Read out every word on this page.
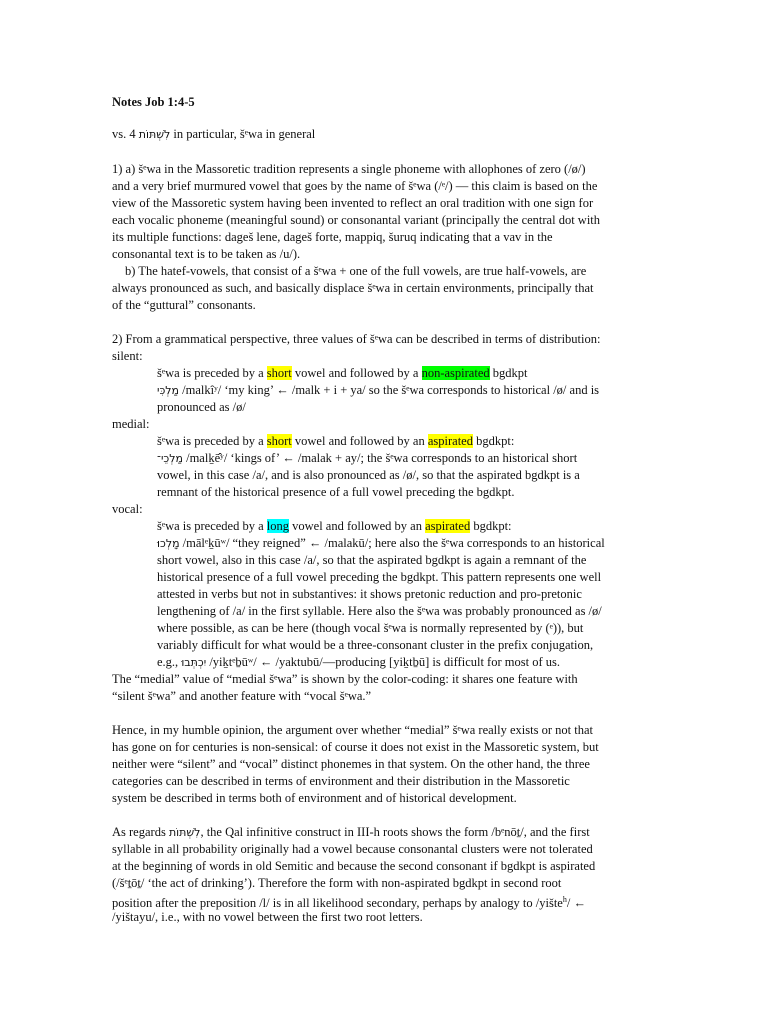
Notes Job 1:4-5
vs. 4 לִשְׁתּוֹת in particular, šᵉwa in general
1) a) šᵉwa in the Massoretic tradition represents a single phoneme with allophones of zero (/ø/)
and a very brief murmured vowel that goes by the name of šᵉwa (/ᵉ/) — this claim is based on the
view of the Massoretic system having been invented to reflect an oral tradition with one sign for
each vocalic phoneme (meaningful sound) or consonantal variant (principally the central dot with
its multiple functions: dageš lene, dageš forte, mappiq, šuruq indicating that a vav in the
consonantal text is to be taken as /u/).
b) The hatef-vowels, that consist of a šᵉwa + one of the full vowels, are true half-vowels, are
always pronounced as such, and basically displace šᵉwa in certain environments, principally that
of the “guttural” consonants.
2) From a grammatical perspective, three values of šᵉwa can be described in terms of distribution:
silent:
šᵉwa is preceded by a short vowel and followed by a non-aspirated bgdkpt
מַלְכִּי /malkîʸ/ ‘my king’ ← /malk + i + ya/ so the šᵉwa corresponds to historical /ø/ and is
pronounced as /ø/
medial:
šᵉwa is preceded by a short vowel and followed by an aspirated bgdkpt:
מַלְכֵי־ /malḵē̂ʸ/ ‘kings of’ ← /malak + ay/; the šᵉwa corresponds to an historical short
vowel, in this case /a/, and is also pronounced as /ø/, so that the aspirated bgdkpt is a
remnant of the historical presence of a full vowel preceding the bgdkpt.
vocal:
šᵉwa is preceded by a long vowel and followed by an aspirated bgdkpt:
מָלְכוּ /mālᵉḵūʷ/ “they reigned” ← /malakū/; here also the šᵉwa corresponds to an historical
short vowel, also in this case /a/, so that the aspirated bgdkpt is again a remnant of the
historical presence of a full vowel preceding the bgdkpt. This pattern represents one well
attested in verbs but not in substantives: it shows pretonic reduction and pro-pretonic
lengthening of /a/ in the first syllable. Here also the šᵉwa was probably pronounced as /ø/
where possible, as can be here (though vocal šᵉwa is normally represented by (ᵉ)), but
variably difficult for what would be a three-consonant cluster in the prefix conjugation,
e.g., יִכְתְּבוּ /yiḵtᵉḇūʷ/ ← /yaktubū/—producing [yiḵtḇū] is difficult for most of us.
The “medial” value of “medial šᵉwa” is shown by the color-coding: it shares one feature with
“silent šᵉwa” and another feature with “vocal šᵉwa.”
Hence, in my humble opinion, the argument over whether “medial” šᵉwa really exists or not that
has gone on for centuries is non-sensical: of course it does not exist in the Massoretic system, but
neither were “silent” and “vocal” distinct phonemes in that system. On the other hand, the three
categories can be described in terms of environment and their distribution in the Massoretic
system be described in terms both of environment and of historical development.
As regards לִשְׁתּוֹת, the Qal infinitive construct in III-h roots shows the form /bᵉnōṯ/, and the first
syllable in all probability originally had a vowel because consonantal clusters were not tolerated
at the beginning of words in old Semitic and because the second consonant if bgdkpt is aspirated
(/šᵉṯōṯ/ ‘the act of drinking’). Therefore the form with non-aspirated bgdkpt in second root
position after the preposition /l/ is in all likelihood secondary, perhaps by analogy to /yište$^h$/ ←
/yištayu/, i.e., with no vowel between the first two root letters.
